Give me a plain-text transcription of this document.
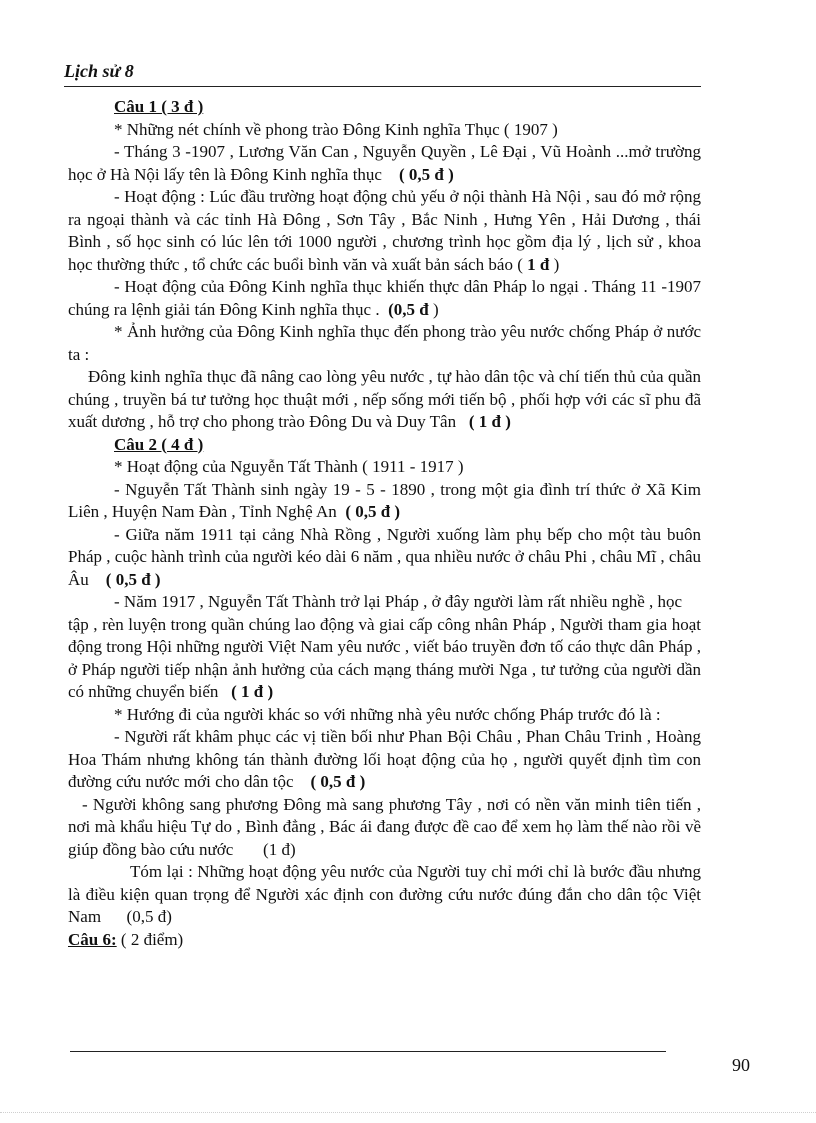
Lịch sử 8

Câu 1 ( 3 đ )

* Những nét chính về phong trào Đông Kinh nghĩa Thục ( 1907 )

- Tháng 3 -1907 , Lương Văn Can , Nguyễn Quyền , Lê Đại , Vũ Hoành ...mở trường học ở Hà Nội lấy tên là Đông Kinh nghĩa thục ( 0,5 đ )

- Hoạt động : Lúc đầu trường hoạt động chủ yếu ở nội thành Hà Nội , sau đó mở rộng ra ngoại thành và các tỉnh Hà Đông , Sơn Tây , Bắc Ninh , Hưng Yên , Hải Dương , thái Bình , số học sinh có lúc lên tới 1000 người , chương trình học gồm địa lý , lịch sử , khoa học thường thức , tổ chức các buổi bình văn và xuất bản sách báo ( 1 đ )

- Hoạt động của Đông Kinh nghĩa thục khiến thực dân Pháp lo ngại . Tháng 11 -1907 chúng ra lệnh giải tán Đông Kinh nghĩa thục . (0,5 đ )

* Ảnh hưởng của Đông Kinh nghĩa thục đến phong trào yêu nước chống Pháp ở nước ta :

Đông kinh nghĩa thục đã nâng cao lòng yêu nước , tự hào dân tộc và chí tiến thủ của quần chúng , truyền bá tư tưởng học thuật mới , nếp sống mới tiến bộ , phối hợp với các sĩ phu đã xuất dương , hỗ trợ cho phong trào Đông Du và Duy Tân ( 1 đ )

Câu 2 ( 4 đ )

* Hoạt động của Nguyễn Tất Thành ( 1911 - 1917 )

- Nguyễn Tất Thành sinh ngày 19 - 5 - 1890 , trong một gia đình trí thức ở Xã Kim Liên , Huyện Nam Đàn , Tỉnh Nghệ An ( 0,5 đ )

- Giữa năm 1911 tại cảng Nhà Rồng , Người xuống làm phụ bếp cho một tàu buôn Pháp , cuộc hành trình của người kéo dài 6 năm , qua nhiều nước ở châu Phi , châu Mĩ , châu Âu ( 0,5 đ )

- Năm 1917 , Nguyễn Tất Thành trở lại Pháp , ở đây người làm rất nhiều nghề , học

tập , rèn luyện trong quần chúng lao động và giai cấp công nhân Pháp , Người tham gia hoạt động trong Hội những người Việt Nam yêu nước , viết báo truyền đơn tố cáo thực dân Pháp , ở Pháp người tiếp nhận ảnh hưởng của cách mạng tháng mười Nga , tư tưởng của người dần có những chuyển biến ( 1 đ )

* Hướng đi của người khác so với những nhà yêu nước chống Pháp trước đó là :

- Người rất khâm phục các vị tiền bối như Phan Bội Châu , Phan Châu Trinh , Hoàng Hoa Thám nhưng không tán thành đường lối hoạt động của họ , người quyết định tìm con đường cứu nước mới cho dân tộc ( 0,5 đ )

- Người không sang phương Đông mà sang phương Tây , nơi có nền văn minh tiên tiến , nơi mà khẩu hiệu Tự do , Bình đẳng , Bác ái đang được đề cao để xem họ làm thế nào rồi về giúp đồng bào cứu nước (1 đ)

Tóm lại : Những hoạt động yêu nước của Người tuy chỉ mới chỉ là bước đầu nhưng là điều kiện quan trọng để Người xác định con đường cứu nước đúng đắn cho dân tộc Việt Nam (0,5 đ)

Câu 6: ( 2 điểm)

90
